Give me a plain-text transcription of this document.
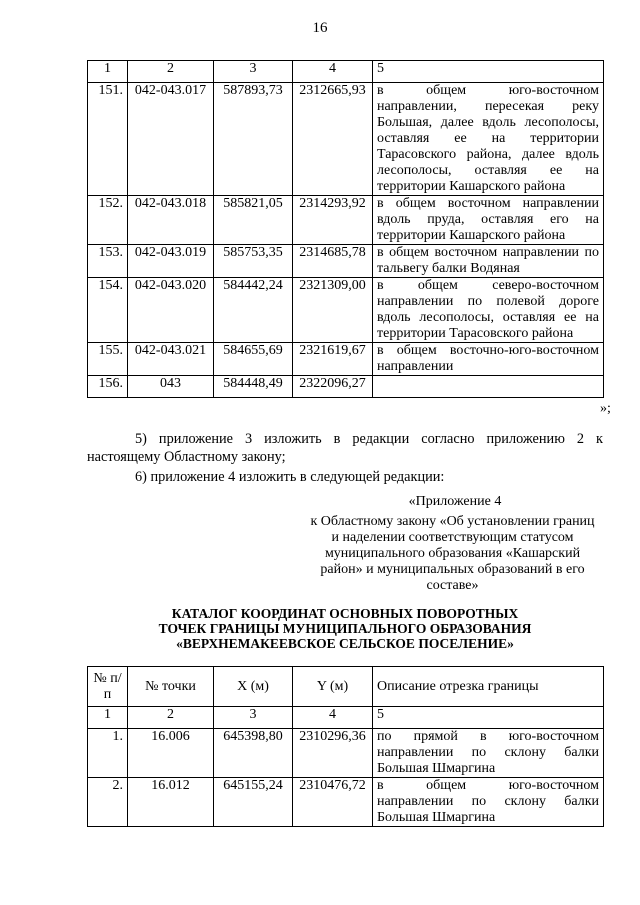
16
1	2	3	4	5
151.	042-043.017	587893,73	2312665,93	в общем юго-восточном направлении, пересекая реку Большая, далее вдоль лесополосы, оставляя ее на территории Тарасовского района, далее вдоль лесополосы, оставляя ее на территории Кашарского района
152.	042-043.018	585821,05	2314293,92	в общем восточном направлении вдоль пруда, оставляя его на территории Кашарского района
153.	042-043.019	585753,35	2314685,78	в общем восточном направлении по тальвегу балки Водяная
154.	042-043.020	584442,24	2321309,00	в общем северо-восточном направлении по полевой дороге вдоль лесополосы, оставляя ее на территории Тарасовского района
155.	042-043.021	584655,69	2321619,67	в общем восточно-юго-восточном направлении
156.	043	584448,49	2322096,27	
»;
5) приложение 3 изложить в редакции согласно приложению 2 к настоящему Областному закону;
6) приложение 4 изложить в следующей редакции:
«Приложение 4
к Областному закону «Об установлении границ и наделении соответствующим статусом муниципального образования «Кашарский район» и муниципальных образований в его составе»
КАТАЛОГ КООРДИНАТ ОСНОВНЫХ ПОВОРОТНЫХ ТОЧЕК ГРАНИЦЫ МУНИЦИПАЛЬНОГО ОБРАЗОВАНИЯ «ВЕРХНЕМАКЕЕВСКОЕ СЕЛЬСКОЕ ПОСЕЛЕНИЕ»
№ п/п	№ точки	X (м)	Y (м)	Описание отрезка границы
1	2	3	4	5
1.	16.006	645398,80	2310296,36	по прямой в юго-восточном направлении по склону балки Большая Шмаргина
2.	16.012	645155,24	2310476,72	в общем юго-восточном направлении по склону балки Большая Шмаргина
